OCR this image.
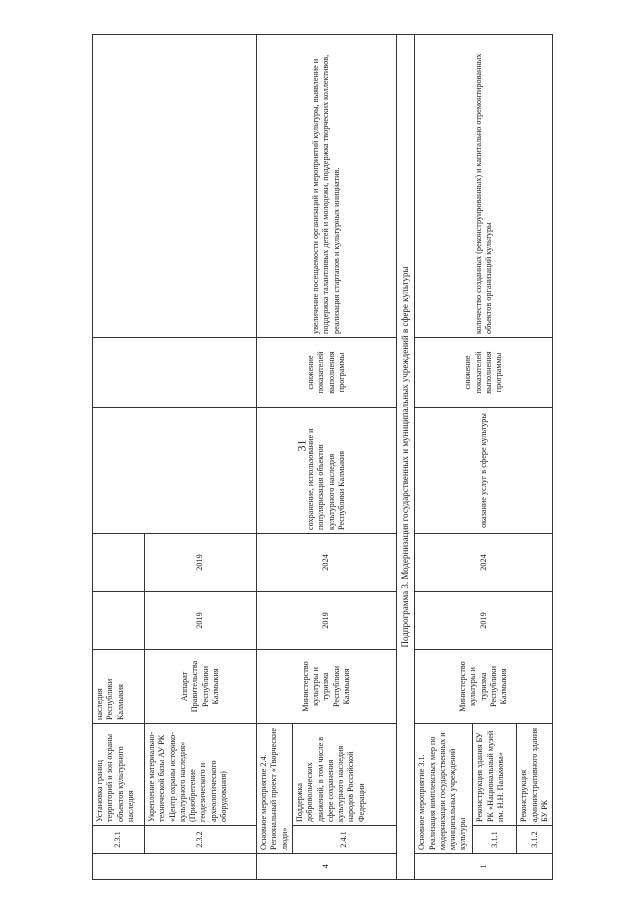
31
	2.3.1	Установка границ территорий и зон охраны объектов культурного наследия	наследия Республики Калмыкия					
	2.3.2	Укрепление материально-технической базы АУ РК «Центр охраны историко-культурного наследия» (Приобретение геодезического и археологического оборудования)	Аппарат Правительства Республики Калмыкия	2019	2019			
4	Основное мероприятие 2.4. Региональный проект «Творческие люди»		Министерство культуры и туризма Республики Калмыкия	2019	2024	сохранение, использование и популяризация объектов культурного наследия Республики Калмыкия	снижение показателей выполнения программы	увеличение посещаемости организаций и мероприятий культуры, выявление и поддержка талантливых детей и молодежи, поддержка творческих коллективов, реализация стартапов и культурных инициатив.
	2.4.1	Поддержка добровольческих движений, в том числе в сфере сохранения культурного наследия народов Российской Федерации						
Подпрограмма 3. Модернизация государственных и муниципальных учреждений в сфере культуры								
1	Основное мероприятие 3.1. Реализация комплексных мер по модернизации государственных и муниципальных учреждений культуры		Министерство культуры и туризма Республики Калмыкия	2019	2024	оказание услуг в сфере культуры	снижение показателей выполнения программы	количество созданных (реконструированных) и капитально отремонтированных объектов организаций культуры
	3.1.1	Реконструкция здания БУ РК «Национальный музей им. Н.Н. Пальмова»						
	3.1.2	Реконструкция административного здания БУ РК						
